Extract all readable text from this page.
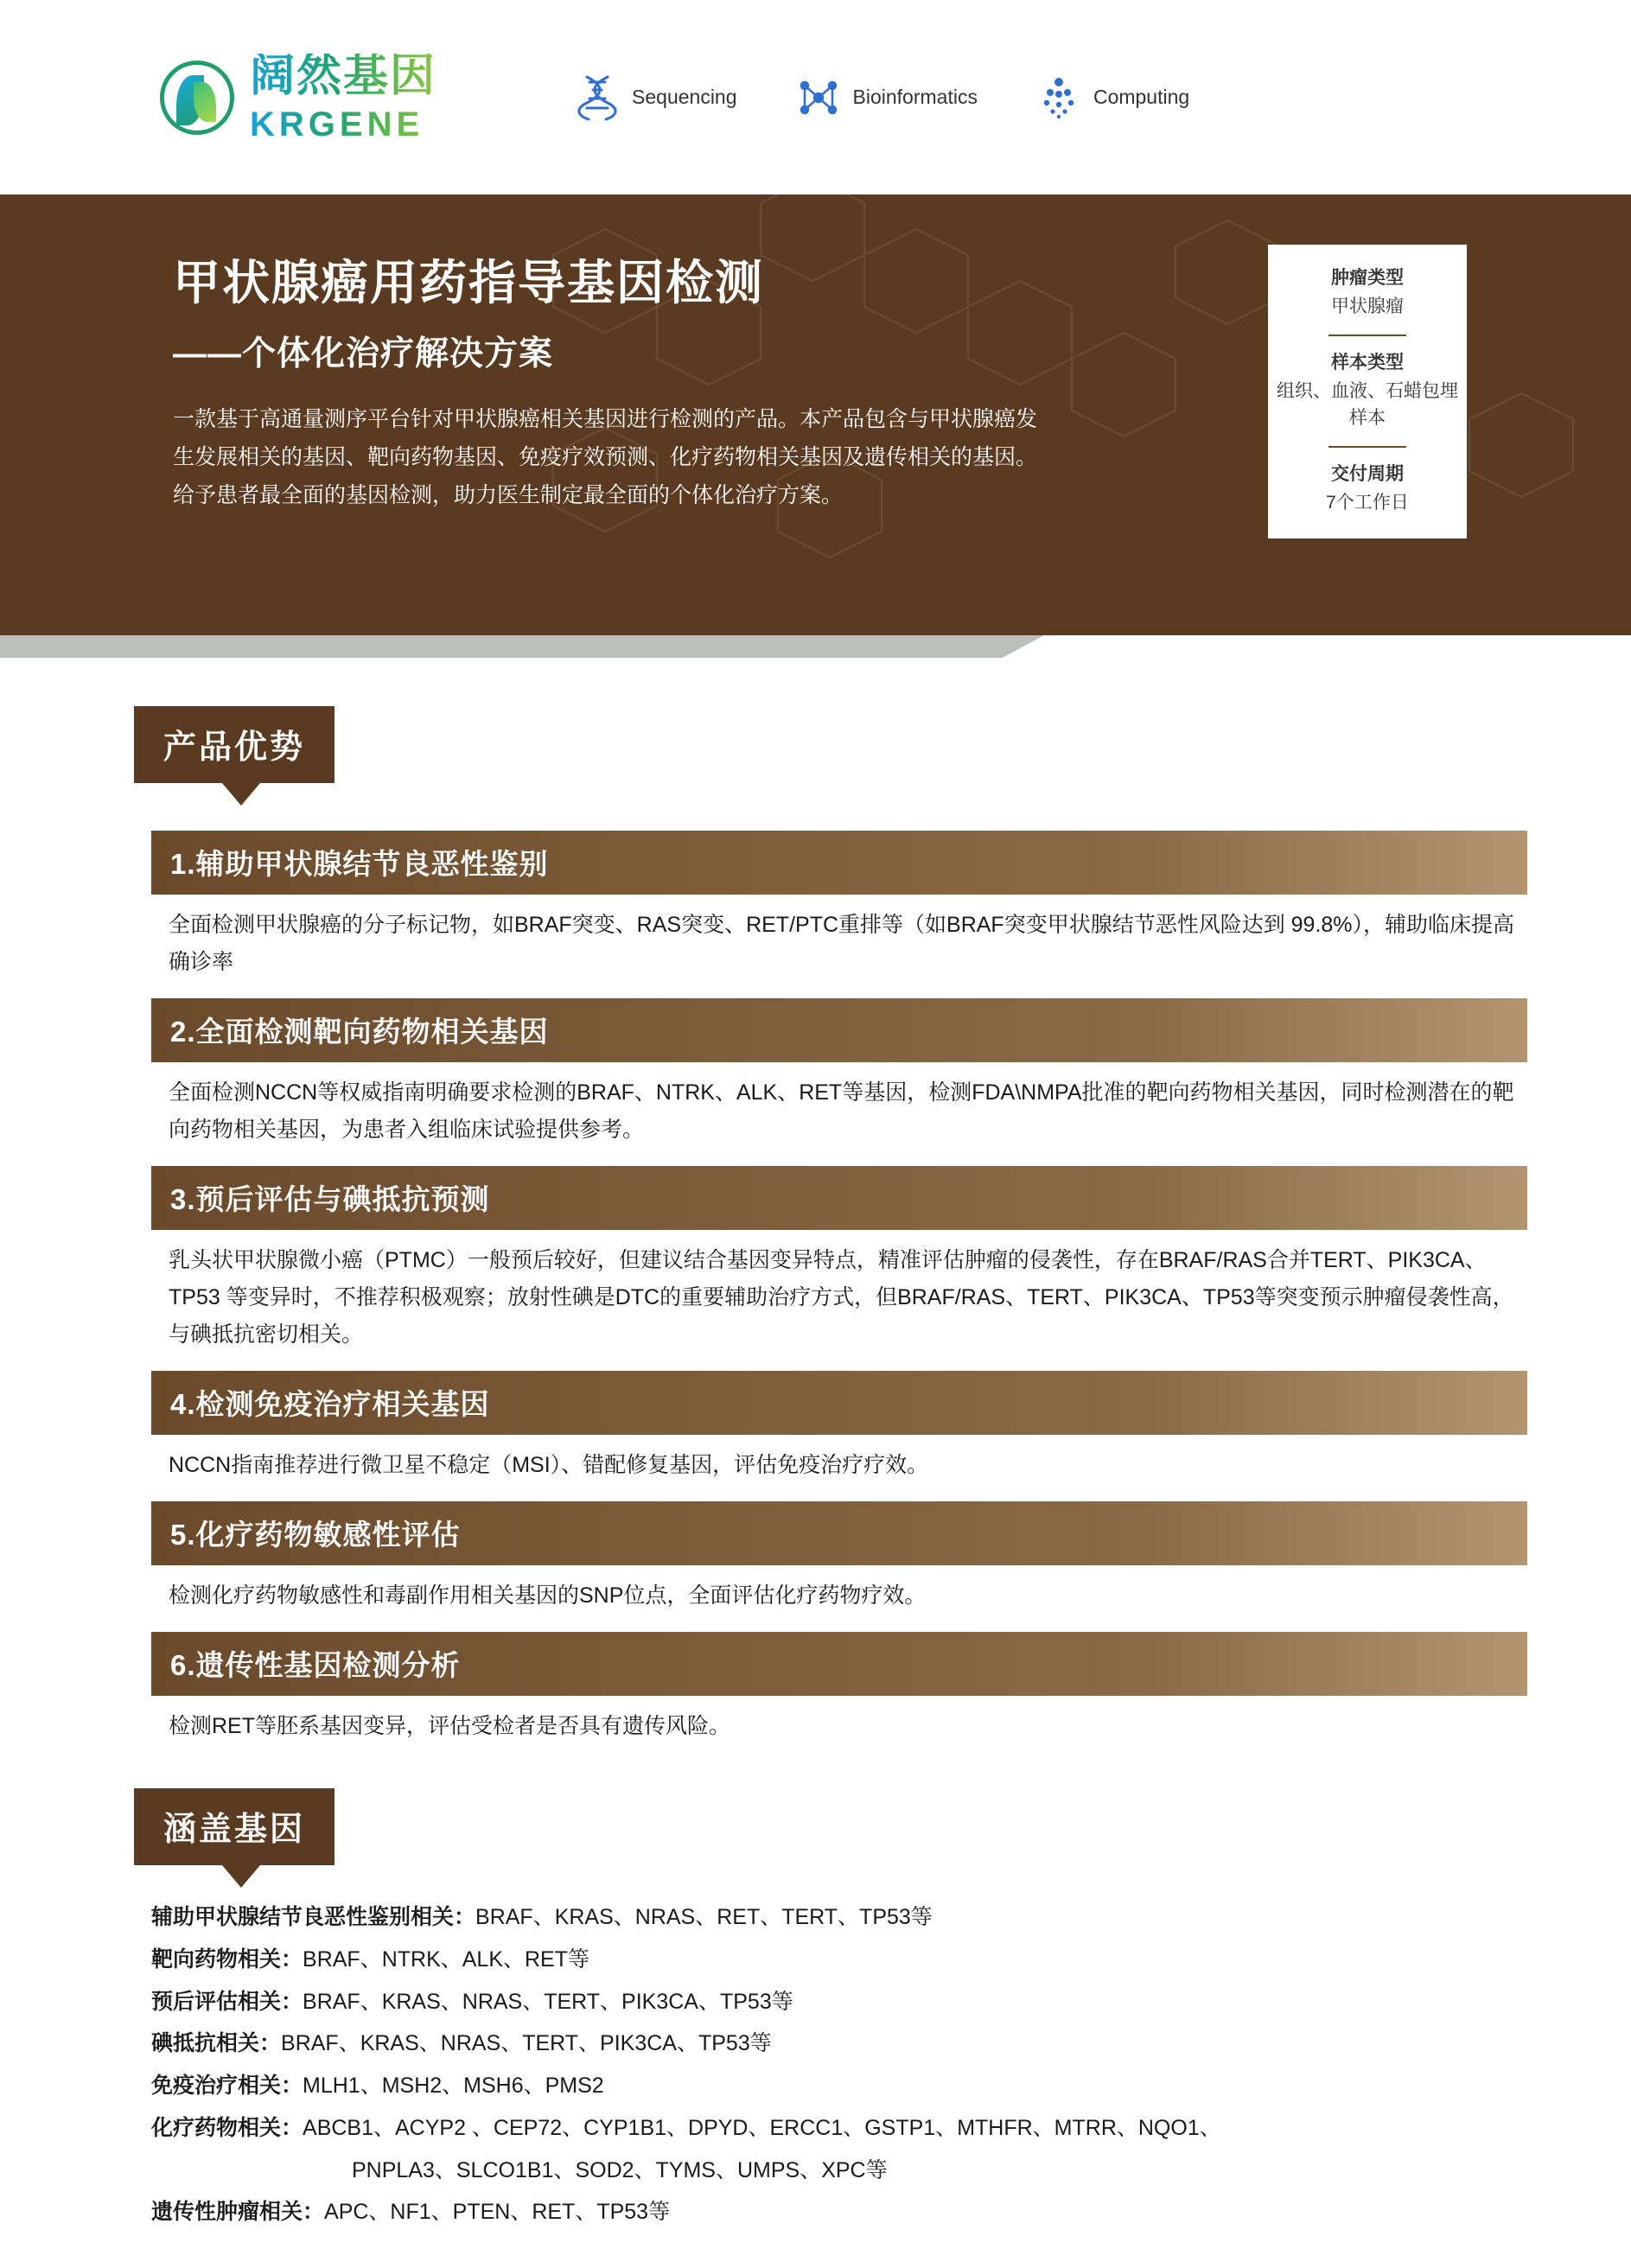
阔然基因
KRGENE
Sequencing	Bioinformatics	Computing
甲状腺癌用药指导基因检测
——个体化治疗解决方案
一款基于高通量测序平台针对甲状腺癌相关基因进行检测的产品。本产品包含与甲状腺癌发生发展相关的基因、靶向药物基因、免疫疗效预测、化疗药物相关基因及遗传相关的基因。给予患者最全面的基因检测，助力医生制定最全面的个体化治疗方案。
肿瘤类型
甲状腺瘤
样本类型
组织、血液、石蜡包埋样本
交付周期
7个工作日
产品优势
1.辅助甲状腺结节良恶性鉴别
全面检测甲状腺癌的分子标记物，如BRAF突变、RAS突变、RET/PTC重排等（如BRAF突变甲状腺结节恶性风险达到 99.8%），辅助临床提高确诊率
2.全面检测靶向药物相关基因
全面检测NCCN等权威指南明确要求检测的BRAF、NTRK、ALK、RET等基因，检测FDA\NMPA批准的靶向药物相关基因，同时检测潜在的靶向药物相关基因，为患者入组临床试验提供参考。
3.预后评估与碘抵抗预测
乳头状甲状腺微小癌（PTMC）一般预后较好，但建议结合基因变异特点，精准评估肿瘤的侵袭性，存在BRAF/RAS合并TERT、PIK3CA、TP53 等变异时，不推荐积极观察；放射性碘是DTC的重要辅助治疗方式，但BRAF/RAS、TERT、PIK3CA、TP53等突变预示肿瘤侵袭性高，与碘抵抗密切相关。
4.检测免疫治疗相关基因
NCCN指南推荐进行微卫星不稳定（MSI）、错配修复基因，评估免疫治疗疗效。
5.化疗药物敏感性评估
检测化疗药物敏感性和毒副作用相关基因的SNP位点，全面评估化疗药物疗效。
6.遗传性基因检测分析
检测RET等胚系基因变异，评估受检者是否具有遗传风险。
涵盖基因
辅助甲状腺结节良恶性鉴别相关： BRAF、KRAS、NRAS、RET、TERT、TP53等
靶向药物相关： BRAF、NTRK、ALK、RET等
预后评估相关： BRAF、KRAS、NRAS、TERT、PIK3CA、TP53等
碘抵抗相关： BRAF、KRAS、NRAS、TERT、PIK3CA、TP53等
免疫治疗相关： MLH1、MSH2、MSH6、PMS2
化疗药物相关： ABCB1、ACYP2 、CEP72、CYP1B1、DPYD、ERCC1、GSTP1、MTHFR、MTRR、NQO1、
PNPLA3、SLCO1B1、SOD2、TYMS、UMPS、XPC等
遗传性肿瘤相关： APC、NF1、PTEN、RET、TP53等
